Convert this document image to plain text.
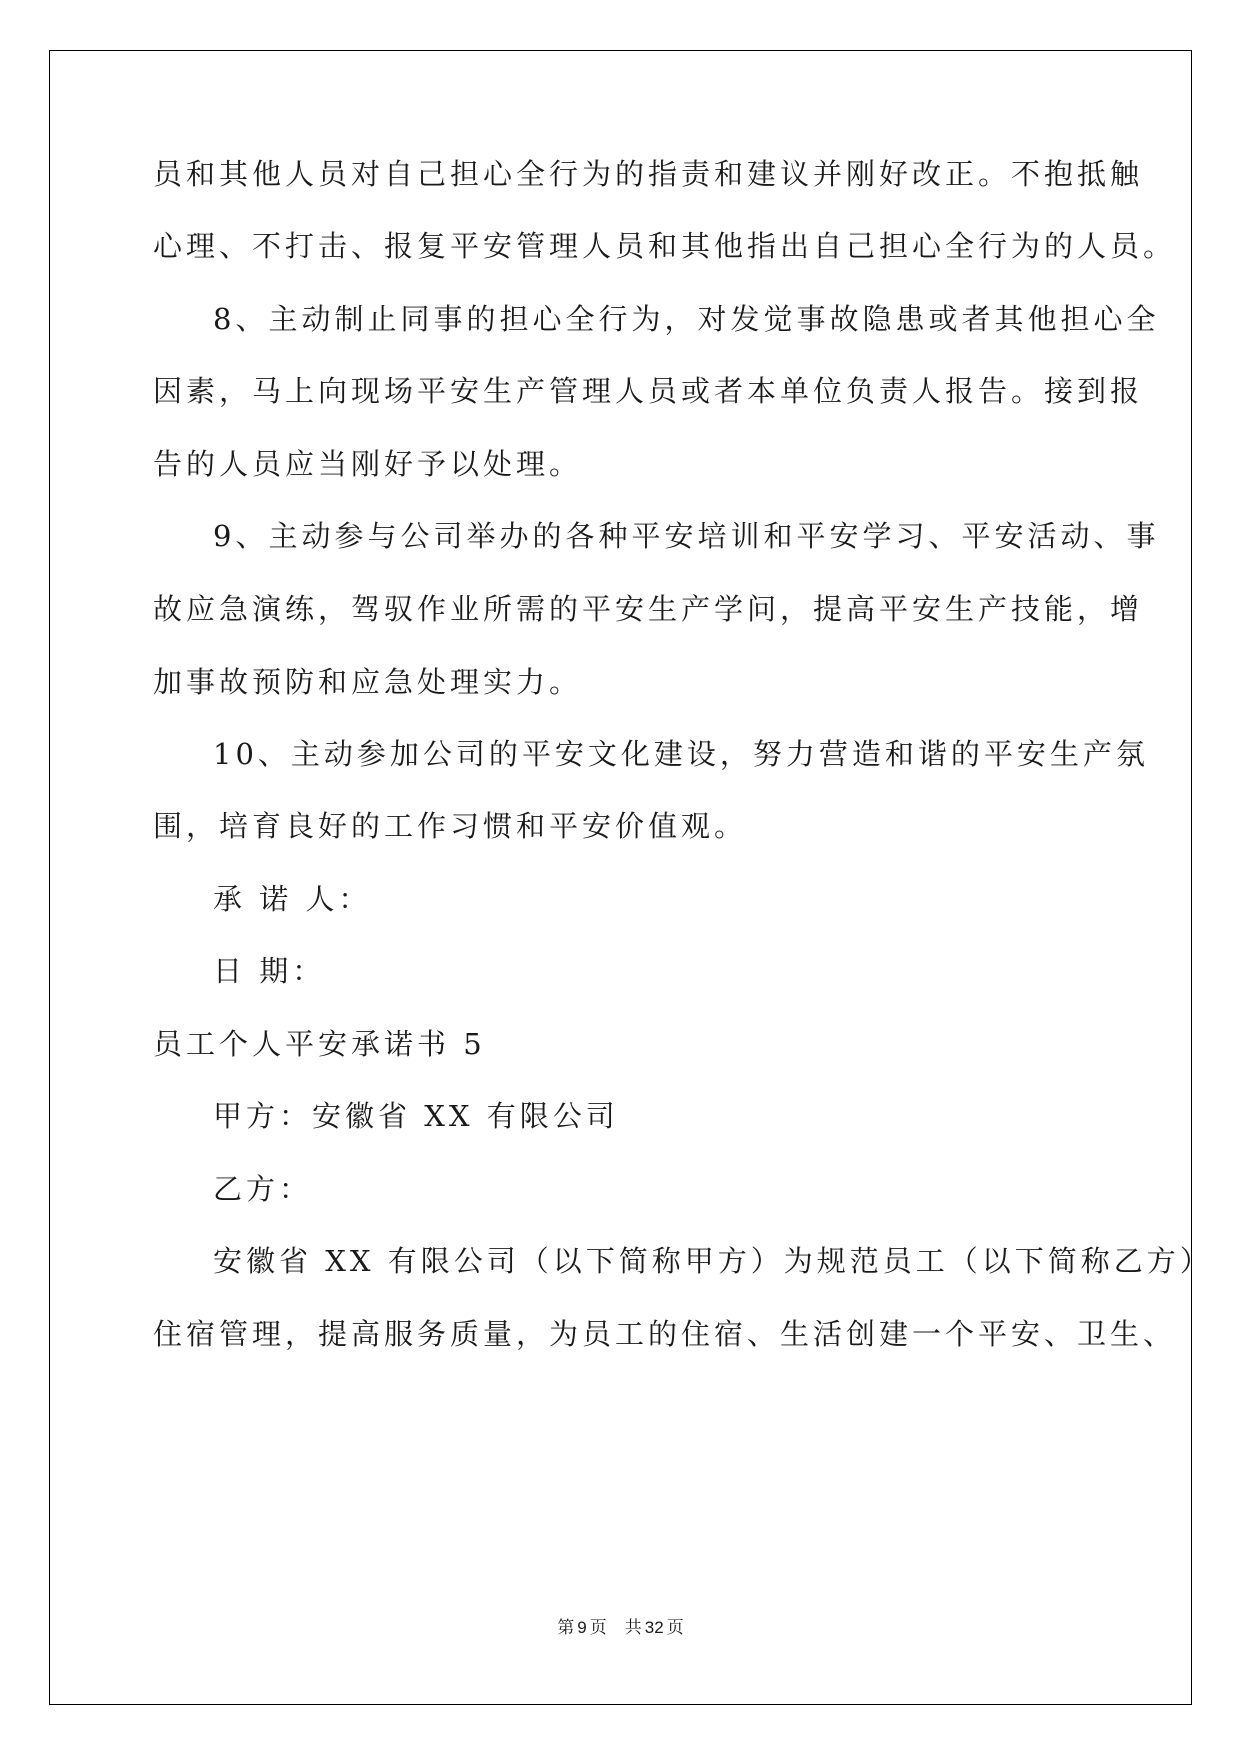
员和其他人员对自己担心全行为的指责和建议并刚好改正。不抱抵触
心理、不打击、报复平安管理人员和其他指出自己担心全行为的人员。
8、主动制止同事的担心全行为，对发觉事故隐患或者其他担心全
因素，马上向现场平安生产管理人员或者本单位负责人报告。接到报
告的人员应当刚好予以处理。
9、主动参与公司举办的各种平安培训和平安学习、平安活动、事
故应急演练，驾驭作业所需的平安生产学问，提高平安生产技能，增
加事故预防和应急处理实力。
10、主动参加公司的平安文化建设，努力营造和谐的平安生产氛
围，培育良好的工作习惯和平安价值观。
承 诺 人：
日 期：
员工个人平安承诺书 5
甲方：安徽省 XX 有限公司
乙方：
安徽省 XX 有限公司（以下简称甲方）为规范员工（以下简称乙方）
住宿管理，提高服务质量，为员工的住宿、生活创建一个平安、卫生、
第 9 页 共 32 页
